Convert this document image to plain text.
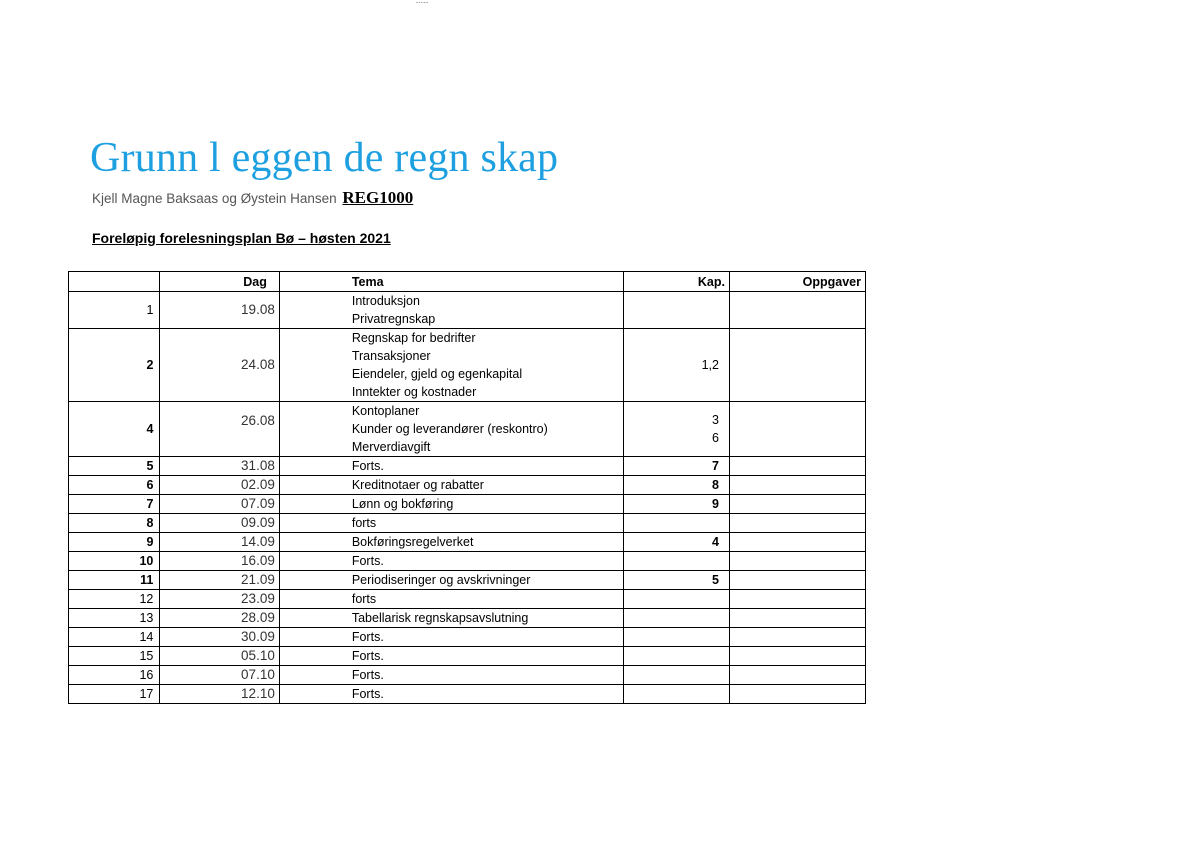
-----
Grunn l eggen de regn skap
Kjell Magne Baksaas og Øystein Hansen REG1000
Foreløpig forelesningsplan Bø – høsten 2021
	Dag	Tema	Kap.	Oppgaver
1	19.08	Introduksjon
Privatregnskap		

2	24.08	Regnskap for bedrifter
Transaksjoner
Eiendeler, gjeld og egenkapital
Inntekter og kostnader	1,2	

4	26.08	Kontoplaner
Kunder og leverandører (reskontro)
Merverdiavgift	3
6	

5	31.08	Forts.	7	

6	02.09	Kreditnotaer og rabatter	8	

7	07.09	Lønn og bokføring	9	

8	09.09	forts		

9	14.09	Bokføringsregelverket	4	

10	16.09	Forts.		

11	21.09	Periodiseringer og avskrivninger	5	

12	23.09	forts		

13	28.09	Tabellarisk regnskapsavslutning		

14	30.09	Forts.		

15	05.10	Forts.		

16	07.10	Forts.		

17	12.10	Forts.		
